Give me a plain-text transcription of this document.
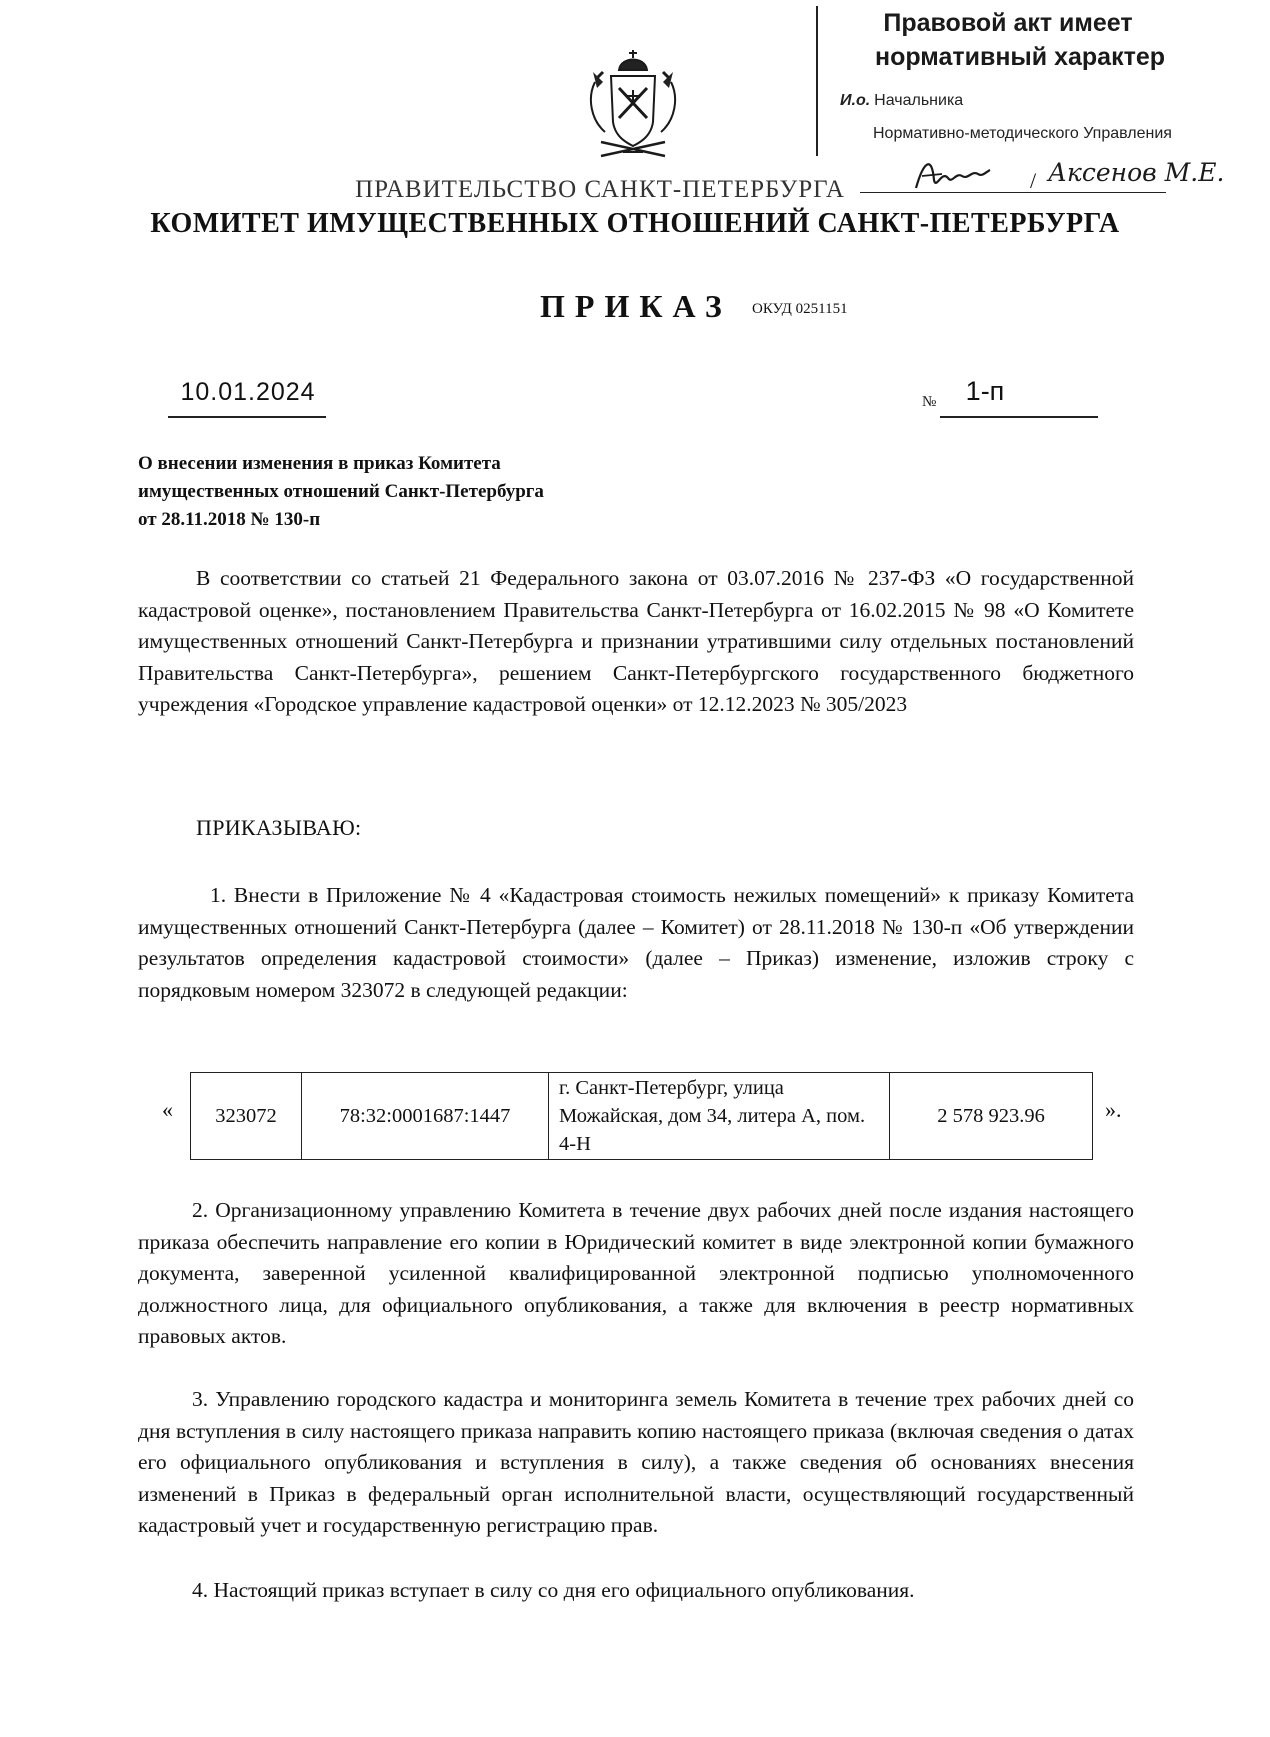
Правовой акт имеет
нормативный характер
И.о. Начальника
Нормативно-методического Управления
/ Аксенов М.Е.
ПРАВИТЕЛЬСТВО САНКТ-ПЕТЕРБУРГА
КОМИТЕТ ИМУЩЕСТВЕННЫХ ОТНОШЕНИЙ САНКТ-ПЕТЕРБУРГА
ПРИКАЗ ОКУД 0251151
10.01.2024	№	1-п
О внесении изменения в приказ Комитета
имущественных отношений Санкт-Петербурга
от 28.11.2018 № 130-п
В соответствии со статьей 21 Федерального закона от 03.07.2016 № 237-ФЗ «О государственной кадастровой оценке», постановлением Правительства Санкт-Петербурга от 16.02.2015 № 98 «О Комитете имущественных отношений Санкт-Петербурга и признании утратившими силу отдельных постановлений Правительства Санкт-Петербурга», решением Санкт-Петербургского государственного бюджетного учреждения «Городское управление кадастровой оценки» от 12.12.2023 № 305/2023
ПРИКАЗЫВАЮ:
1. Внести в Приложение № 4 «Кадастровая стоимость нежилых помещений» к приказу Комитета имущественных отношений Санкт-Петербурга (далее – Комитет) от 28.11.2018 № 130-п «Об утверждении результатов определения кадастровой стоимости» (далее – Приказ) изменение, изложив строку с порядковым номером 323072 в следующей редакции:
« 323072	78:32:0001687:1447	г. Санкт-Петербург, улица Можайская, дом 34, литера А, пом. 4-Н	2 578 923.96	».
2. Организационному управлению Комитета в течение двух рабочих дней после издания настоящего приказа обеспечить направление его копии в Юридический комитет в виде электронной копии бумажного документа, заверенной усиленной квалифицированной электронной подписью уполномоченного должностного лица, для официального опубликования, а также для включения в реестр нормативных правовых актов.
3. Управлению городского кадастра и мониторинга земель Комитета в течение трех рабочих дней со дня вступления в силу настоящего приказа направить копию настоящего приказа (включая сведения о датах его официального опубликования и вступления в силу), а также сведения об основаниях внесения изменений в Приказ в федеральный орган исполнительной власти, осуществляющий государственный кадастровый учет и государственную регистрацию прав.
4. Настоящий приказ вступает в силу со дня его официального опубликования.
